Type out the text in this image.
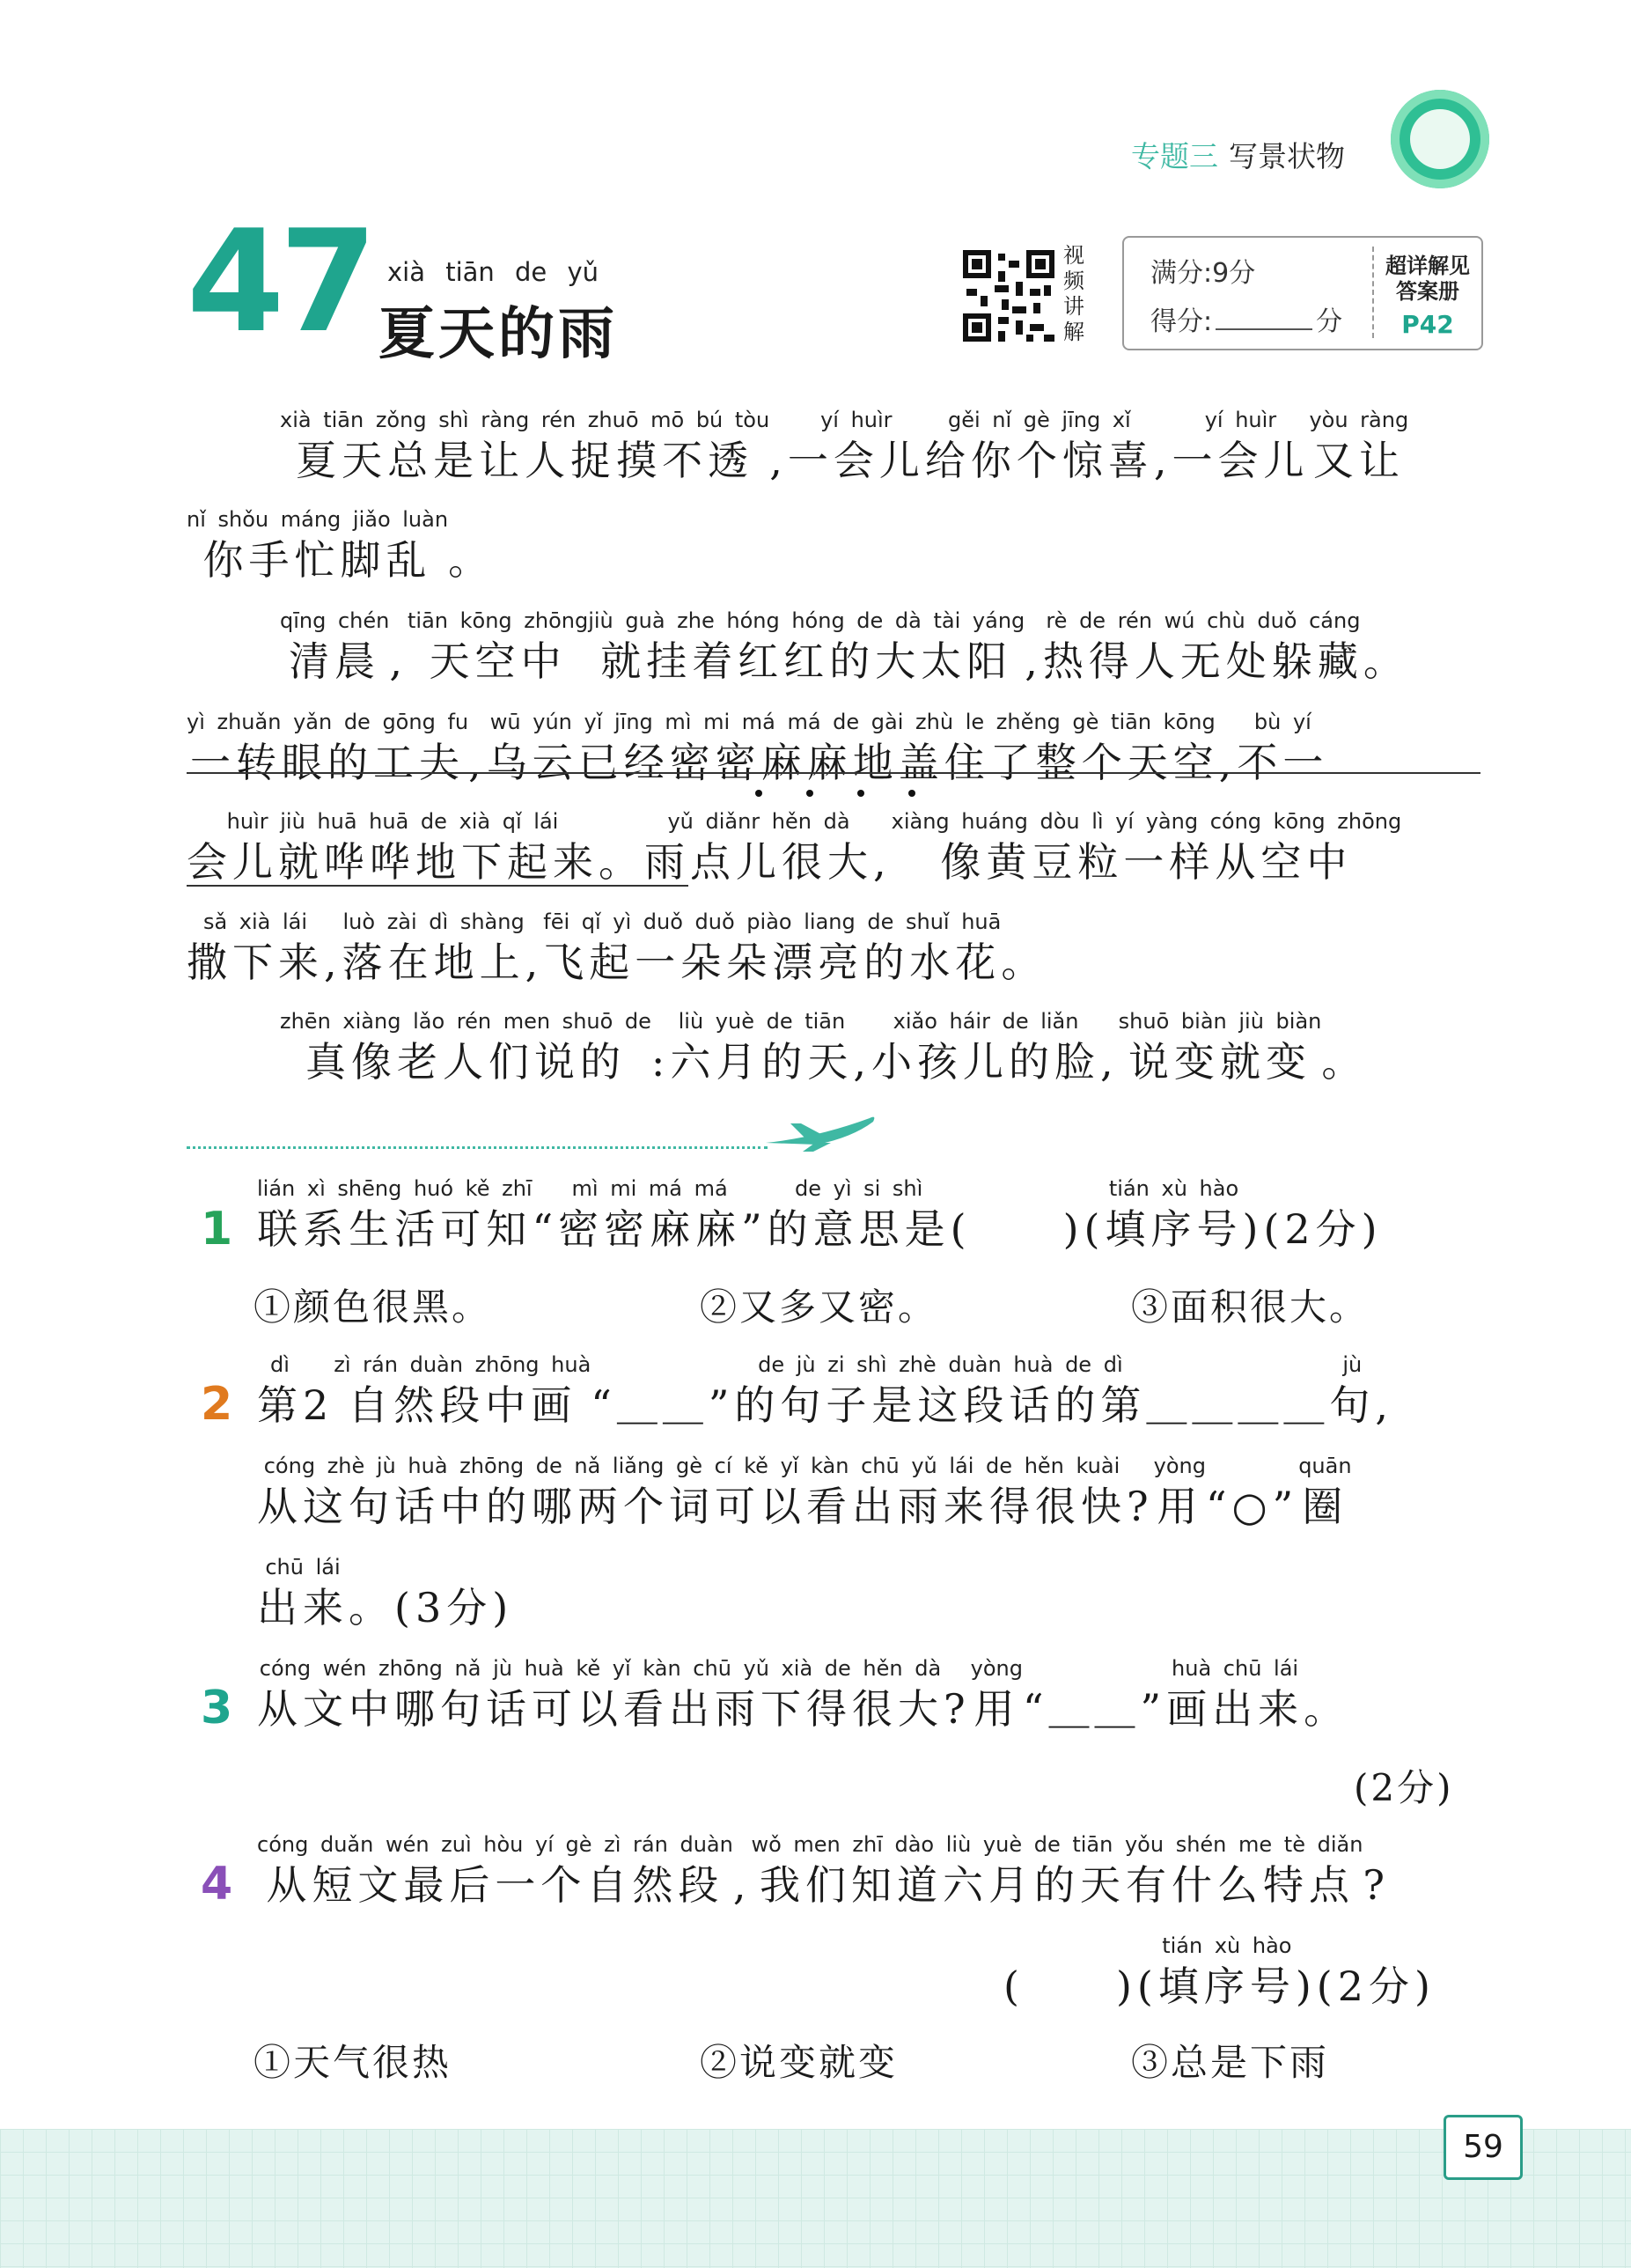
专题三 写景状物
47 xià tiān de yǔ
夏天的雨
视频讲解
满分:9分
得分:	分
超详解见答案册
P42
xià tiān zǒng shì ràng rén zhuō mō bú tòu
夏天总是让人捉摸不透 ,
yí huìr
一会儿
gěi nǐ gè jīng xǐ
给你个惊喜 ,
yí huìr
一会儿
yòu ràng
又让
nǐ shǒu máng jiǎo luàn
你手忙脚乱 。
qīng chén
清晨 ,
tiān kōng zhōng
天空中
jiù guà zhe hóng hóng de dà tài yáng
就挂着红红的大太阳 ,
rè de rén wú chù duǒ cáng
热得人无处躲藏 。
yì zhuǎn yǎn de gōng fu
一转眼的工夫 ,
wū yún yǐ jīng mì mi má má de gài zhù le zhěng gè tiān kōng
乌云已经密密麻麻地盖住了整个天空 ,
bù yí
不一
huìr jiù huā huā de xià qǐ lái
会儿就哗哗地下起来 。
yǔ diǎnr hěn dà
雨点儿很大 ,
xiàng huáng dòu lì yí yàng cóng kōng zhōng
像黄豆粒一样从空中
sǎ xià lái
撒下来 ,
luò zài dì shàng
落在地上 ,
fēi qǐ yì duǒ duǒ piào liang de shuǐ huā
飞起一朵朵漂亮的水花 。
zhēn xiàng lǎo rén men shuō de
真像老人们说的 :
liù yuè de tiān
六月的天 ,
xiǎo háir de liǎn
小孩儿的脸 ,
shuō biàn jiù biàn
说变就变 。
1
lián xì shēng huó kě zhī
联系生活可知 “
mì mi má má
密密麻麻 ”
de yì si shì
的意思是 (　　)(
tián xù hào
填序号 )(2分)
①颜色很黑。	②又多又密。	③面积很大。
2
dì
第 2
zì rán duàn zhōng huà
自然段中画 “ ＿＿ ”
de jù zi shì zhè duàn huà de dì
的句子是这段话的第 ＿＿＿＿
jù
句 ,
cóng zhè jù huà zhōng de nǎ liǎng gè cí kě yǐ kàn chū yǔ lái de hěn kuài
从这句话中的哪两个词可以看出雨来得很快 ?
yòng
用 “○”
quān
圈
chū lái
出来 。(3分)
3
cóng wén zhōng nǎ jù huà kě yǐ kàn chū yǔ xià de hěn dà
从文中哪句话可以看出雨下得很大 ?
yòng
用 “ ＿＿ ”
huà chū lái
画出来 。
(2分)
4
cóng duǎn wén zuì hòu yí gè zì rán duàn
从短文最后一个自然段 ,
wǒ men zhī dào liù yuè de tiān yǒu shén me tè diǎn
我们知道六月的天有什么特点 ?
(　　)(
tián xù hào
填序号 )(2分)
①天气很热	②说变就变	③总是下雨
59
